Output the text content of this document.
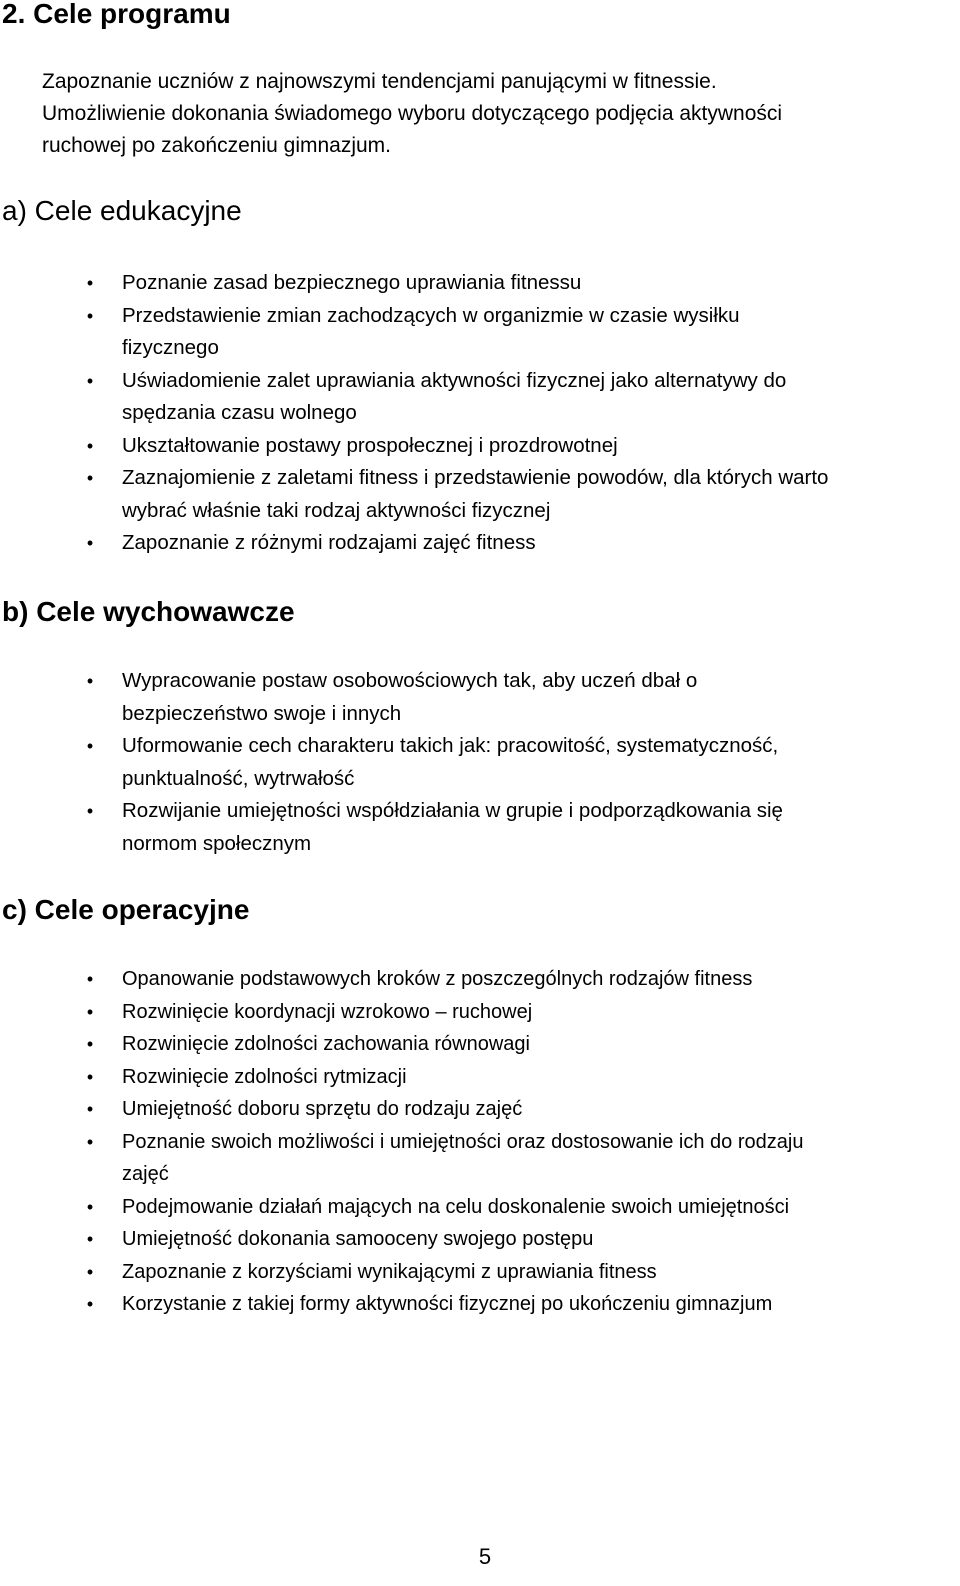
2. Cele programu
Zapoznanie uczniów z najnowszymi tendencjami panującymi w fitnessie.
Umożliwienie dokonania świadomego wyboru dotyczącego podjęcia aktywności
ruchowej po zakończeniu gimnazjum.
a) Cele edukacyjne
•	Poznanie zasad bezpiecznego uprawiania fitnessu
•	Przedstawienie zmian zachodzących w organizmie w czasie wysiłku
fizycznego
•	Uświadomienie zalet uprawiania aktywności fizycznej jako alternatywy do
spędzania czasu wolnego
•	Ukształtowanie postawy prospołecznej i prozdrowotnej
•	Zaznajomienie z zaletami fitness i przedstawienie powodów, dla których warto
wybrać właśnie taki rodzaj aktywności fizycznej
•	Zapoznanie z różnymi rodzajami zajęć fitness
b) Cele wychowawcze
•	Wypracowanie postaw osobowościowych tak, aby uczeń dbał o
bezpieczeństwo swoje i innych
•	Uformowanie cech charakteru takich jak: pracowitość, systematyczność,
punktualność, wytrwałość
•	Rozwijanie umiejętności współdziałania w grupie i podporządkowania się
normom społecznym
c) Cele operacyjne
•	Opanowanie podstawowych kroków z poszczególnych rodzajów fitness
•	Rozwinięcie koordynacji wzrokowo – ruchowej
•	Rozwinięcie zdolności zachowania równowagi
•	Rozwinięcie zdolności rytmizacji
•	Umiejętność doboru sprzętu do rodzaju zajęć
•	Poznanie swoich możliwości i umiejętności oraz dostosowanie ich do rodzaju
zajęć
•	Podejmowanie działań mających na celu doskonalenie swoich umiejętności
•	Umiejętność dokonania samooceny swojego postępu
•	Zapoznanie z korzyściami wynikającymi z uprawiania fitness
•	Korzystanie z takiej formy aktywności fizycznej po ukończeniu gimnazjum
5
